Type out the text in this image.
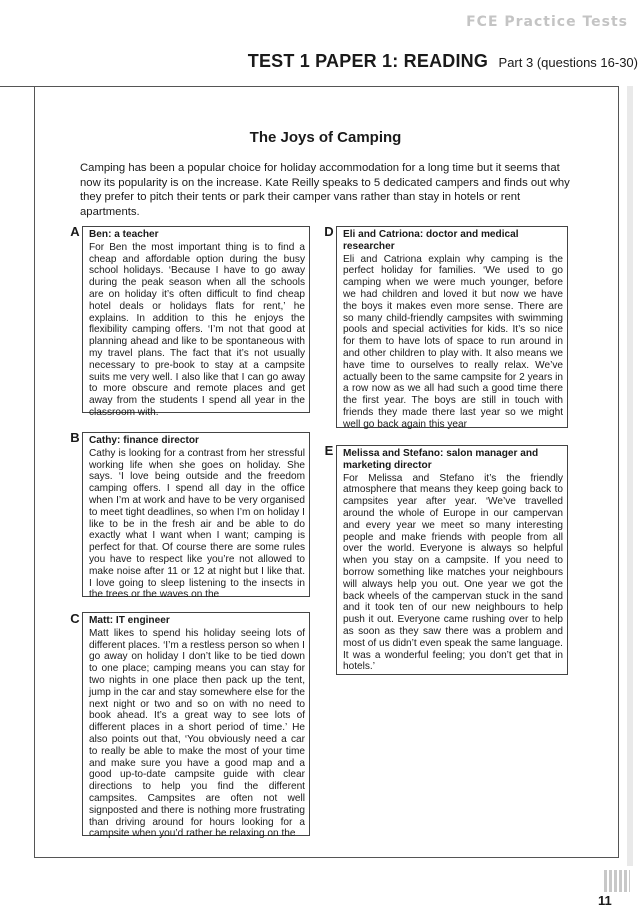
FCE Practice Tests
TEST 1 PAPER 1: READING Part 3 (questions 16-30)
The Joys of Camping
Camping has been a popular choice for holiday accommodation for a long time but it seems that now its popularity is on the increase. Kate Reilly speaks to 5 dedicated campers and finds out why they prefer to pitch their tents or park their camper vans rather than stay in hotels or rent apartments.
A Ben: a teacher
For Ben the most important thing is to find a cheap and affordable option during the busy school holidays. ‘Because I have to go away during the peak season when all the schools are on holiday it’s often difficult to find cheap hotel deals or holidays flats for rent,’ he explains. In addition to this he enjoys the flexibility camping offers. ‘I’m not that good at planning ahead and like to be spontaneous with my travel plans. The fact that it’s not usually necessary to pre-book to stay at a campsite suits me very well. I also like that I can go away to more obscure and remote places and get away from the students I spend all year in the classroom with.
B Cathy: finance director
Cathy is looking for a contrast from her stressful working life when she goes on holiday. She says. ‘I love being outside and the freedom camping offers. I spend all day in the office when I’m at work and have to be very organised to meet tight deadlines, so when I’m on holiday I like to be in the fresh air and be able to do exactly what I want when I want; camping is perfect for that. Of course there are some rules you have to respect like you’re not allowed to make noise after 11 or 12 at night but I like that. I love going to sleep listening to the insects in the trees or the waves on the
C Matt: IT engineer
Matt likes to spend his holiday seeing lots of different places. ‘I’m a restless person so when I go away on holiday I don’t like to be tied down to one place; camping means you can stay for two nights in one place then pack up the tent, jump in the car and stay somewhere else for the next night or two and so on with no need to book ahead. It’s a great way to see lots of different places in a short period of time.’ He also points out that, ‘You obviously need a car to really be able to make the most of your time and make sure you have a good map and a good up-to-date campsite guide with clear directions to help you find the different campsites. Campsites are often not well signposted and there is nothing more frustrating than driving around for hours looking for a campsite when you’d rather be relaxing on the
D Eli and Catriona: doctor and medical researcher
Eli and Catriona explain why camping is the perfect holiday for families. ‘We used to go camping when we were much younger, before we had children and loved it but now we have the boys it makes even more sense. There are so many child-friendly campsites with swimming pools and special activities for kids. It’s so nice for them to have lots of space to run around in and other children to play with. It also means we have time to ourselves to really relax. We’ve actually been to the same campsite for 2 years in a row now as we all had such a good time there the first year. The boys are still in touch with friends they made there last year so we might well go back again this year
E Melissa and Stefano: salon manager and marketing director
For Melissa and Stefano it’s the friendly atmosphere that means they keep going back to campsites year after year. ‘We’ve travelled around the whole of Europe in our campervan and every year we meet so many interesting people and make friends with people from all over the world. Everyone is always so helpful when you stay on a campsite. If you need to borrow something like matches your neighbours will always help you out. One year we got the back wheels of the campervan stuck in the sand and it took ten of our new neighbours to help push it out. Everyone came rushing over to help as soon as they saw there was a problem and most of us didn’t even speak the same language. It was a wonderful feeling; you don’t get that in hotels.’
11
